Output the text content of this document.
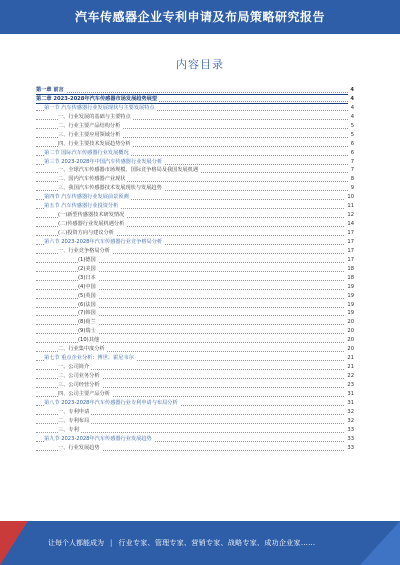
汽车传感器企业专利申请及布局策略研究报告
内容目录
第一章 前言	4
第二章 2023-2028年汽车传感器市场发展趋势展望	4
第一节 汽车传感器行业发展现状与主要发展特点	4
一、行业发展的基础与主要特点	4
二、行业主要产品结构分析	5
三、行业主要应用领域分析	5
四、行业主要技术发展趋势分析	6
第二节 国际汽车传感器行业发展概况	6
第三节 2023-2028年中国汽车传感器行业发展分析	7
一、全球汽车传感器市场规模、国际竞争格局及我国发展机遇	7
二、国内汽车传感器产业现状	8
三、我国汽车传感器技术发展现状与发展趋势	9
第四节 汽车传感器行业发展前景预测	10
第五节 汽车传感器行业投资分析	11
(一)新型传感器技术研发情况	12
(二)传感器行业发展机遇分析	14
(三)投资方向与建议分析	17
第六节 2023-2028年汽车传感器行业竞争格局分析	17
一、行业竞争格局分析	17
(1)德国	17
(2)美国	18
(3)日本	18
(4)中国	19
(5)英国	19
(6)法国	19
(7)韩国	19
(8)荷兰	20
(9)瑞士	20
(10)其他	20
二、行业集中度分析	20
第七节 重点企业分析：博世、霍尼韦尔	21
一、公司简介	21
二、公司业务分析	22
三、公司经营分析	23
四、公司主要产品分析	31
第八节 2023-2028年汽车传感器行业专利申请与布局分析	31
一、专利申请	32
二、专利布局	32
三、专利	33
第九节 2023-2028年汽车传感器行业发展趋势	33
一、行业发展趋势	33
让每个人都能成为 | 行业专家、管理专家、营销专家、战略专家、成功企业家……
